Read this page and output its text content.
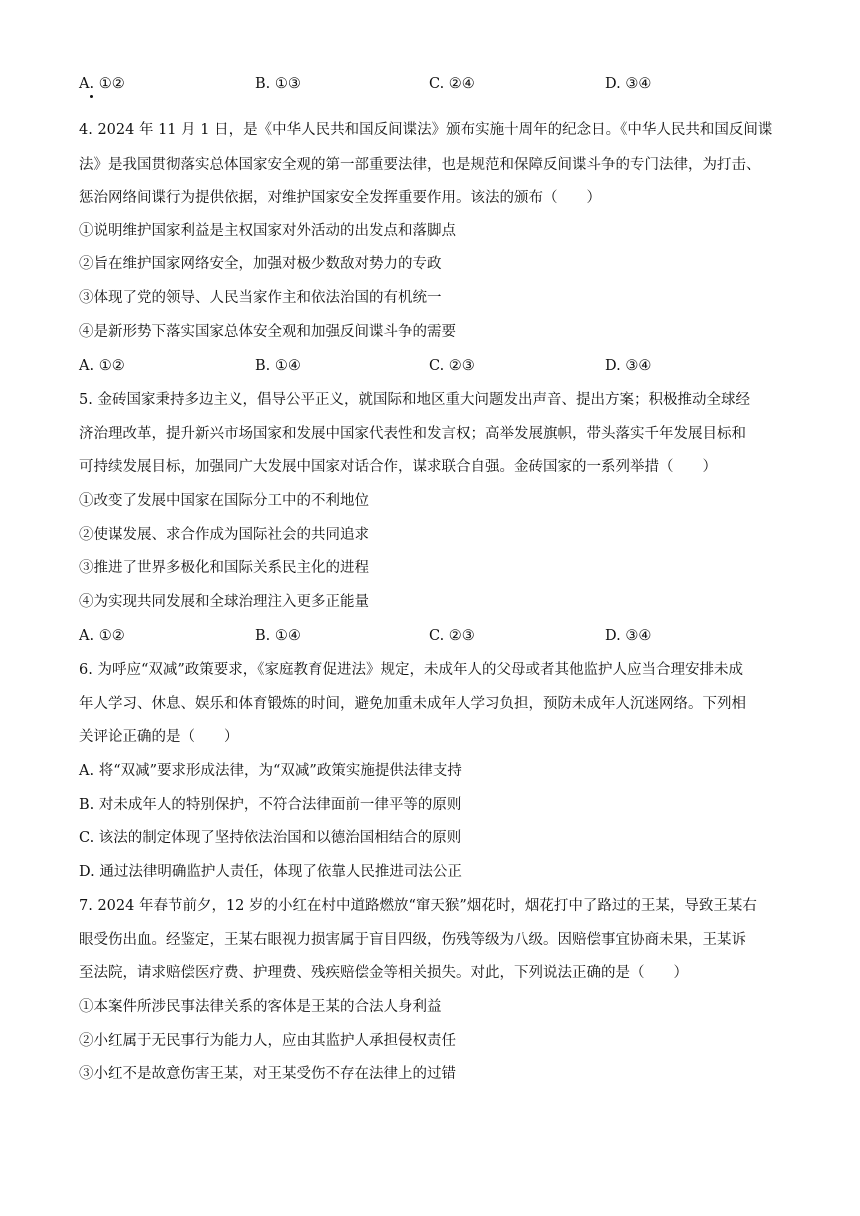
A. ①②	B. ①③	C. ②④	D. ③④
4. 2024 年 11 月 1 日，是《中华人民共和国反间谍法》颁布实施十周年的纪念日。《中华人民共和国反间谍
法》是我国贯彻落实总体国家安全观的第一部重要法律，也是规范和保障反间谍斗争的专门法律，为打击、
惩治网络间谍行为提供依据，对维护国家安全发挥重要作用。该法的颁布（　　）
①说明维护国家利益是主权国家对外活动的出发点和落脚点
②旨在维护国家网络安全，加强对极少数敌对势力的专政
③体现了党的领导、人民当家作主和依法治国的有机统一
④是新形势下落实国家总体安全观和加强反间谍斗争的需要
A. ①②	B. ①④	C. ②③	D. ③④
5. 金砖国家秉持多边主义，倡导公平正义，就国际和地区重大问题发出声音、提出方案；积极推动全球经
济治理改革，提升新兴市场国家和发展中国家代表性和发言权；高举发展旗帜，带头落实千年发展目标和
可持续发展目标，加强同广大发展中国家对话合作，谋求联合自强。金砖国家的一系列举措（　　）
①改变了发展中国家在国际分工中的不利地位
②使谋发展、求合作成为国际社会的共同追求
③推进了世界多极化和国际关系民主化的进程
④为实现共同发展和全球治理注入更多正能量
A. ①②	B. ①④	C. ②③	D. ③④
6. 为呼应“双减”政策要求，《家庭教育促进法》规定，未成年人的父母或者其他监护人应当合理安排未成
年人学习、休息、娱乐和体育锻炼的时间，避免加重未成年人学习负担，预防未成年人沉迷网络。下列相
关评论正确的是（　　）
A. 将“双减”要求形成法律，为“双减”政策实施提供法律支持
B. 对未成年人的特别保护，不符合法律面前一律平等的原则
C. 该法的制定体现了坚持依法治国和以德治国相结合的原则
D. 通过法律明确监护人责任，体现了依靠人民推进司法公正
7. 2024 年春节前夕，12 岁的小红在村中道路燃放“窜天猴”烟花时，烟花打中了路过的王某，导致王某右
眼受伤出血。经鉴定，王某右眼视力损害属于盲目四级，伤残等级为八级。因赔偿事宜协商未果，王某诉
至法院，请求赔偿医疗费、护理费、残疾赔偿金等相关损失。对此，下列说法正确的是（　　）
①本案件所涉民事法律关系的客体是王某的合法人身利益
②小红属于无民事行为能力人，应由其监护人承担侵权责任
③小红不是故意伤害王某，对王某受伤不存在法律上的过错
